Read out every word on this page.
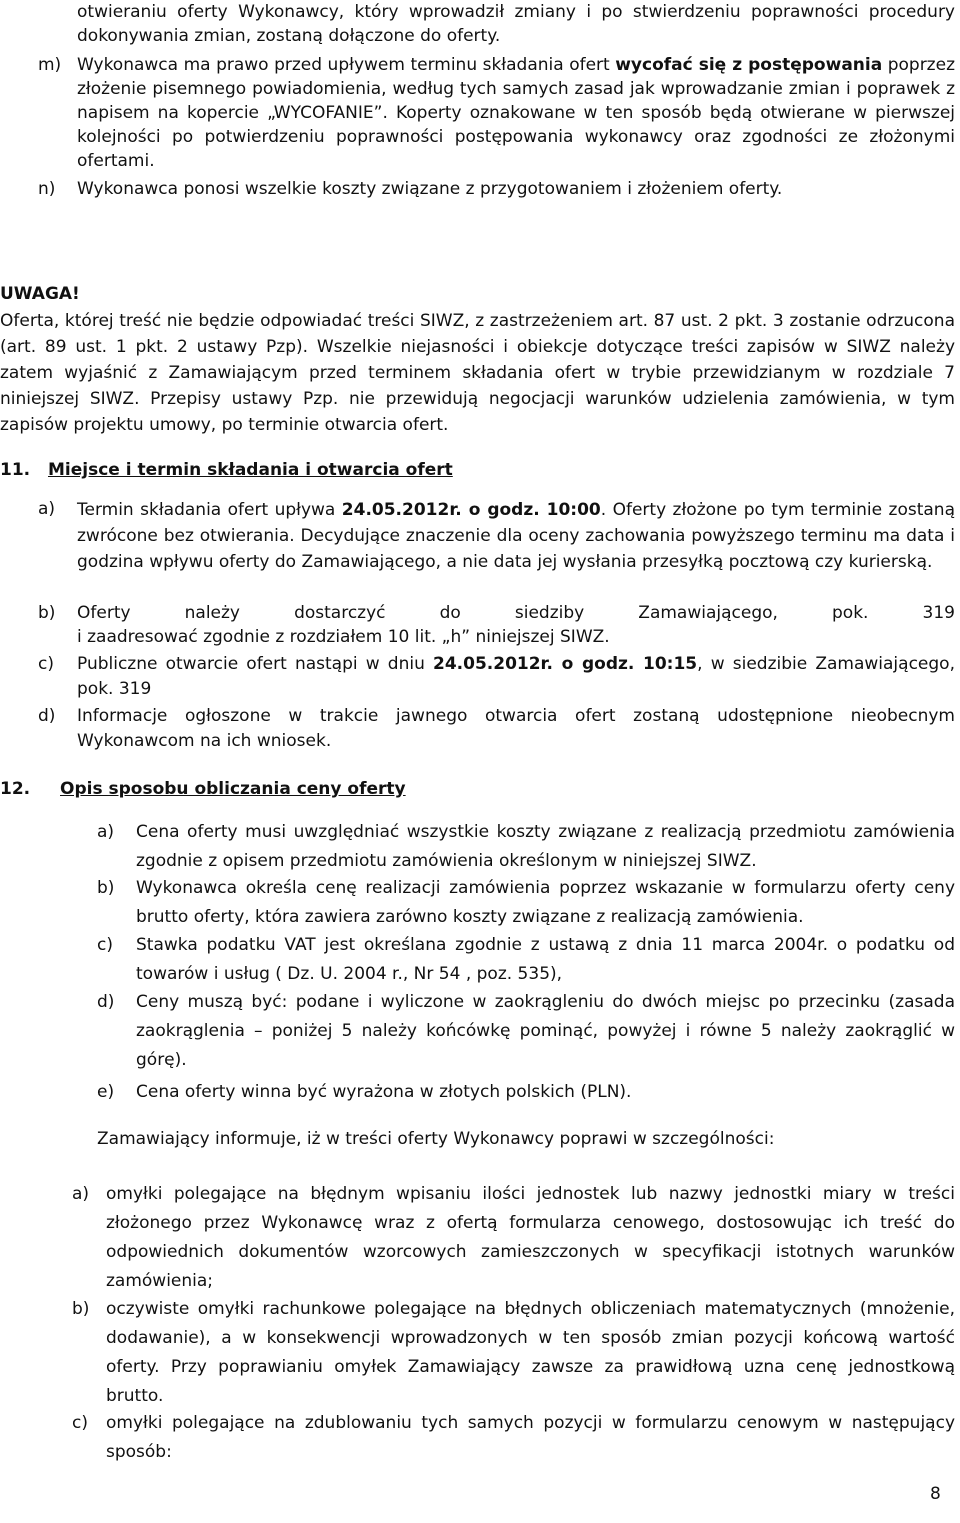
otwieraniu oferty Wykonawcy, który wprowadził zmiany i po stwierdzeniu poprawności procedury dokonywania zmian, zostaną dołączone do oferty.
m) Wykonawca ma prawo przed upływem terminu składania ofert wycofać się z postępowania poprzez złożenie pisemnego powiadomienia, według tych samych zasad jak wprowadzanie zmian i poprawek z napisem na kopercie „WYCOFANIE”. Koperty oznakowane w ten sposób będą otwierane w pierwszej kolejności po potwierdzeniu poprawności postępowania wykonawcy oraz zgodności ze złożonymi ofertami.
n) Wykonawca ponosi wszelkie koszty związane z przygotowaniem i złożeniem oferty.
UWAGA!
Oferta, której treść nie będzie odpowiadać treści SIWZ, z zastrzeżeniem art. 87 ust. 2 pkt. 3 zostanie odrzucona (art. 89 ust. 1 pkt. 2 ustawy Pzp). Wszelkie niejasności i obiekcje dotyczące treści zapisów w SIWZ należy zatem wyjaśnić z Zamawiającym przed terminem składania ofert w trybie przewidzianym w rozdziale 7 niniejszej SIWZ. Przepisy ustawy Pzp. nie przewidują negocjacji warunków udzielenia zamówienia, w tym zapisów projektu umowy, po terminie otwarcia ofert.
11. Miejsce i termin składania i otwarcia ofert
a) Termin składania ofert upływa 24.05.2012r. o godz. 10:00. Oferty złożone po tym terminie zostaną zwrócone bez otwierania. Decydujące znaczenie dla oceny zachowania powyższego terminu ma data i godzina wpływu oferty do Zamawiającego, a nie data jej wysłania przesyłką pocztową czy kurierską.
b) Oferty należy dostarczyć do siedziby Zamawiającego, pok. 319
i zaadresować zgodnie z rozdziałem 10 lit. „h” niniejszej SIWZ.
c) Publiczne otwarcie ofert nastąpi w dniu 24.05.2012r. o godz. 10:15, w siedzibie Zamawiającego, pok. 319
d) Informacje ogłoszone w trakcie jawnego otwarcia ofert zostaną udostępnione nieobecnym Wykonawcom na ich wniosek.
12. Opis sposobu obliczania ceny oferty
a) Cena oferty musi uwzględniać wszystkie koszty związane z realizacją przedmiotu zamówienia zgodnie z opisem przedmiotu zamówienia określonym w niniejszej SIWZ.
b) Wykonawca określa cenę realizacji zamówienia poprzez wskazanie w formularzu oferty ceny brutto oferty, która zawiera zarówno koszty związane z realizacją zamówienia.
c) Stawka podatku VAT jest określana zgodnie z ustawą z dnia 11 marca 2004r. o podatku od towarów i usług ( Dz. U. 2004 r., Nr 54 , poz. 535),
d) Ceny muszą być: podane i wyliczone w zaokrągleniu do dwóch miejsc po przecinku (zasada zaokrąglenia – poniżej 5 należy końcówkę pominąć, powyżej i równe 5 należy zaokrąglić w górę).
e) Cena oferty winna być wyrażona w złotych polskich (PLN).
Zamawiający informuje, iż w treści oferty Wykonawcy poprawi w szczególności:
a) omyłki polegające na błędnym wpisaniu ilości jednostek lub nazwy jednostki miary w treści złożonego przez Wykonawcę wraz z ofertą formularza cenowego, dostosowując ich treść do odpowiednich dokumentów wzorcowych zamieszczonych w specyfikacji istotnych warunków zamówienia;
b) oczywiste omyłki rachunkowe polegające na błędnych obliczeniach matematycznych (mnożenie, dodawanie), a w konsekwencji wprowadzonych w ten sposób zmian pozycji końcową wartość oferty. Przy poprawianiu omyłek Zamawiający zawsze za prawidłową uzna cenę jednostkową brutto.
c) omyłki polegające na zdublowaniu tych samych pozycji w formularzu cenowym w następujący sposób:
8
